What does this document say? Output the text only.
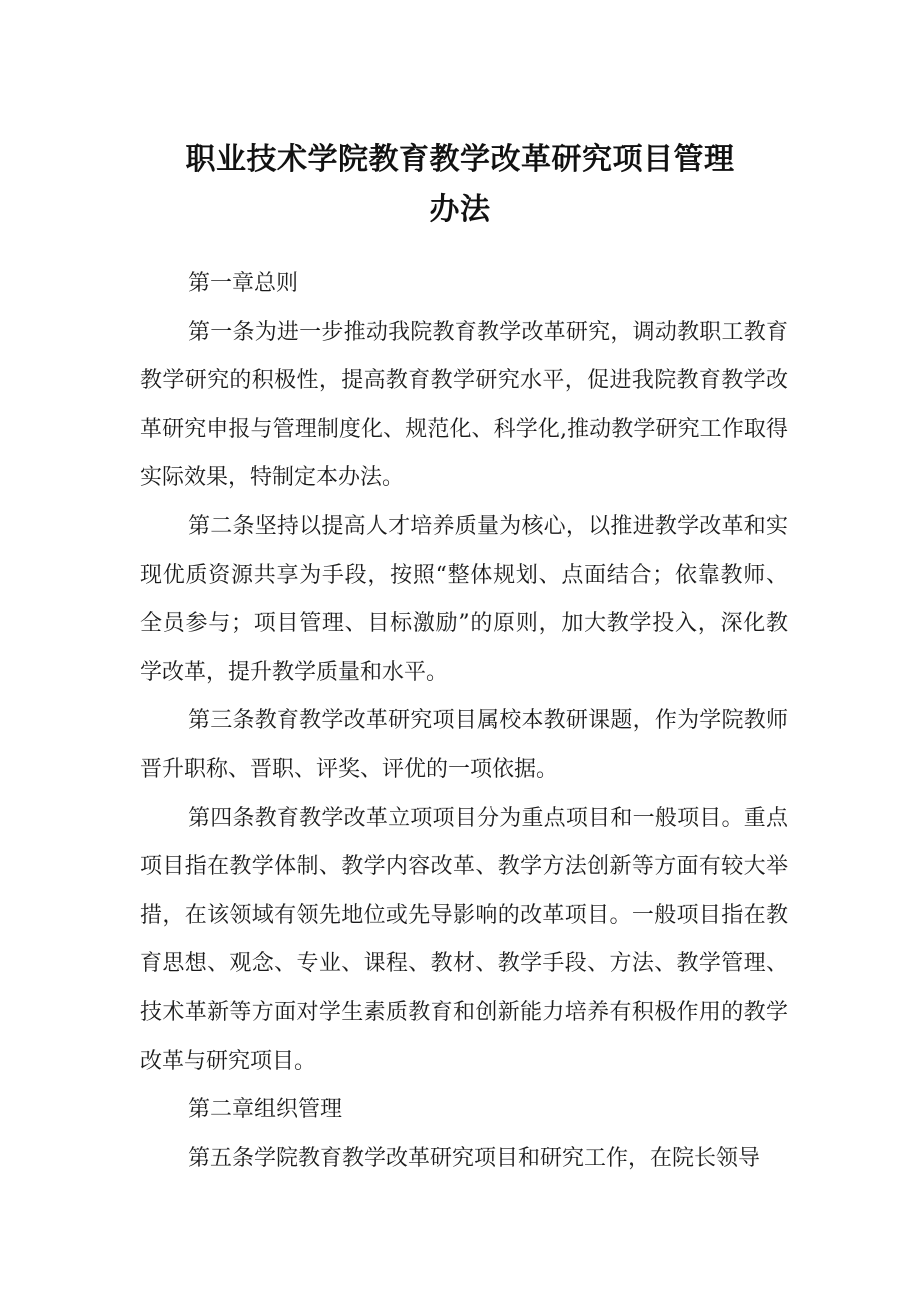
职业技术学院教育教学改革研究项目管理
办法

第一章总则

第一条为进一步推动我院教育教学改革研究，调动教职工教育教学研究的积极性，提高教育教学研究水平，促进我院教育教学改革研究申报与管理制度化、规范化、科学化,推动教学研究工作取得实际效果，特制定本办法。

第二条坚持以提高人才培养质量为核心，以推进教学改革和实现优质资源共享为手段，按照“整体规划、点面结合；依靠教师、全员参与；项目管理、目标激励”的原则，加大教学投入，深化教学改革，提升教学质量和水平。

第三条教育教学改革研究项目属校本教研课题，作为学院教师晋升职称、晋职、评奖、评优的一项依据。

第四条教育教学改革立项项目分为重点项目和一般项目。重点项目指在教学体制、教学内容改革、教学方法创新等方面有较大举措，在该领域有领先地位或先导影响的改革项目。一般项目指在教育思想、观念、专业、课程、教材、教学手段、方法、教学管理、技术革新等方面对学生素质教育和创新能力培养有积极作用的教学改革与研究项目。

第二章组织管理

第五条学院教育教学改革研究项目和研究工作，在院长领导
